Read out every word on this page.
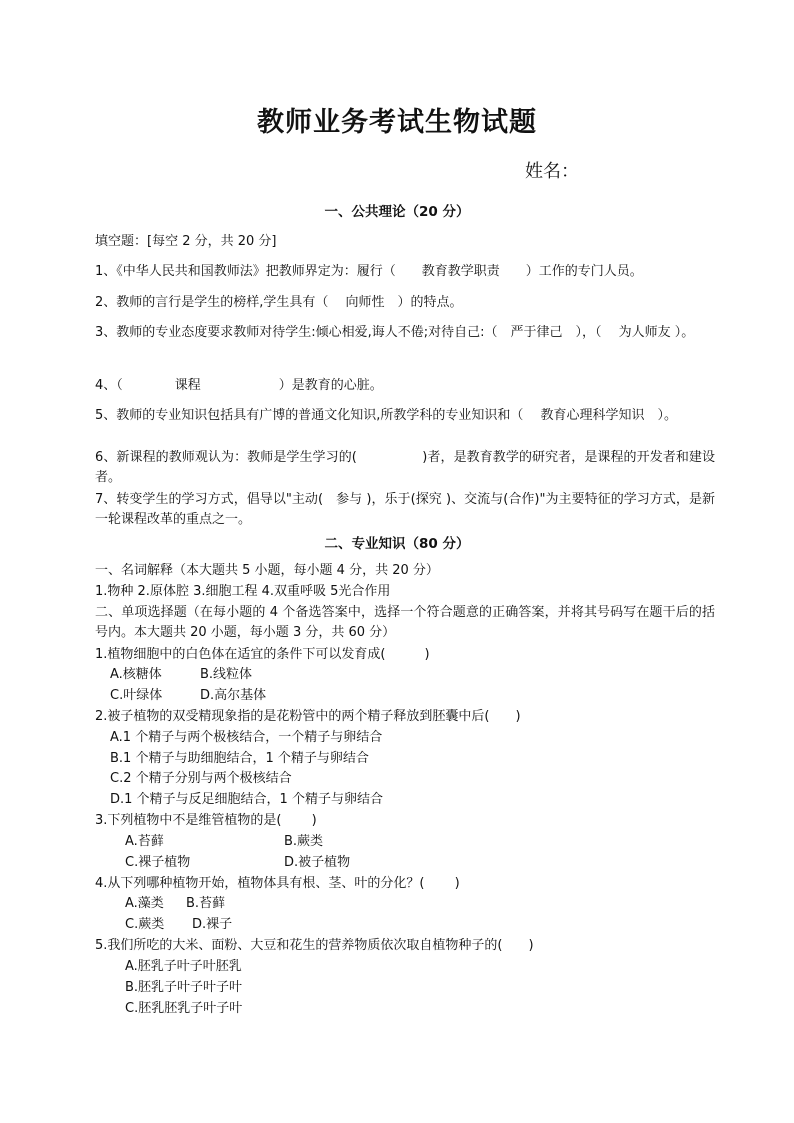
教师业务考试生物试题
姓名：
一、公共理论（20 分）
填空题：[每空 2 分，共 20 分]
1、《中华人民共和国教师法》把教师界定为：履行（　　教育教学职责　　）工作的专门人员。
2、教师的言行是学生的榜样,学生具有（　 向师性　）的特点。
3、教师的专业态度要求教师对待学生:倾心相爱,诲人不倦;对待自己:（　严于律己　），（　 为人师友 ）。
4、（　　　　课程　　　　　　）是教育的心脏。
5、教师的专业知识包括具有广博的普通文化知识,所教学科的专业知识和（　 教育心理科学知识　）。
6、新课程的教师观认为：教师是学生学习的(　　　　　)者，是教育教学的研究者，是课程的开发者和建设者。
7、转变学生的学习方式，倡导以"主动(　参与 )，乐于(探究 )、交流与(合作)"为主要特征的学习方式，是新一轮课程改革的重点之一。
二、专业知识（80 分）
一、名词解释（本大题共 5 小题，每小题 4 分，共 20 分）
1.物种 2.原体腔 3.细胞工程 4.双重呼吸 5光合作用
二、单项选择题（在每小题的 4 个备选答案中，选择一个符合题意的正确答案，并将其号码写在题干后的括号内。本大题共 20 小题，每小题 3 分，共 60 分）
1.植物细胞中的白色体在适宜的条件下可以发育成(　　　)
A.核糖体	B.线粒体
C.叶绿体	D.高尔基体
2.被子植物的双受精现象指的是花粉管中的两个精子释放到胚囊中后(　　)
A.1 个精子与两个极核结合，一个精子与卵结合
B.1 个精子与助细胞结合，1 个精子与卵结合
C.2 个精子分别与两个极核结合
D.1 个精子与反足细胞结合，1 个精子与卵结合
3.下列植物中不是维管植物的是(　　 )
A.苔藓	B.蕨类
C.裸子植物	D.被子植物
4.从下列哪种植物开始，植物体具有根、茎、叶的分化？(　　 )
A.藻类 B.苔藓
C.蕨类 D.裸子
5.我们所吃的大米、面粉、大豆和花生的营养物质依次取自植物种子的(　　)
A.胚乳子叶子叶胚乳
B.胚乳子叶子叶子叶
C.胚乳胚乳子叶子叶
